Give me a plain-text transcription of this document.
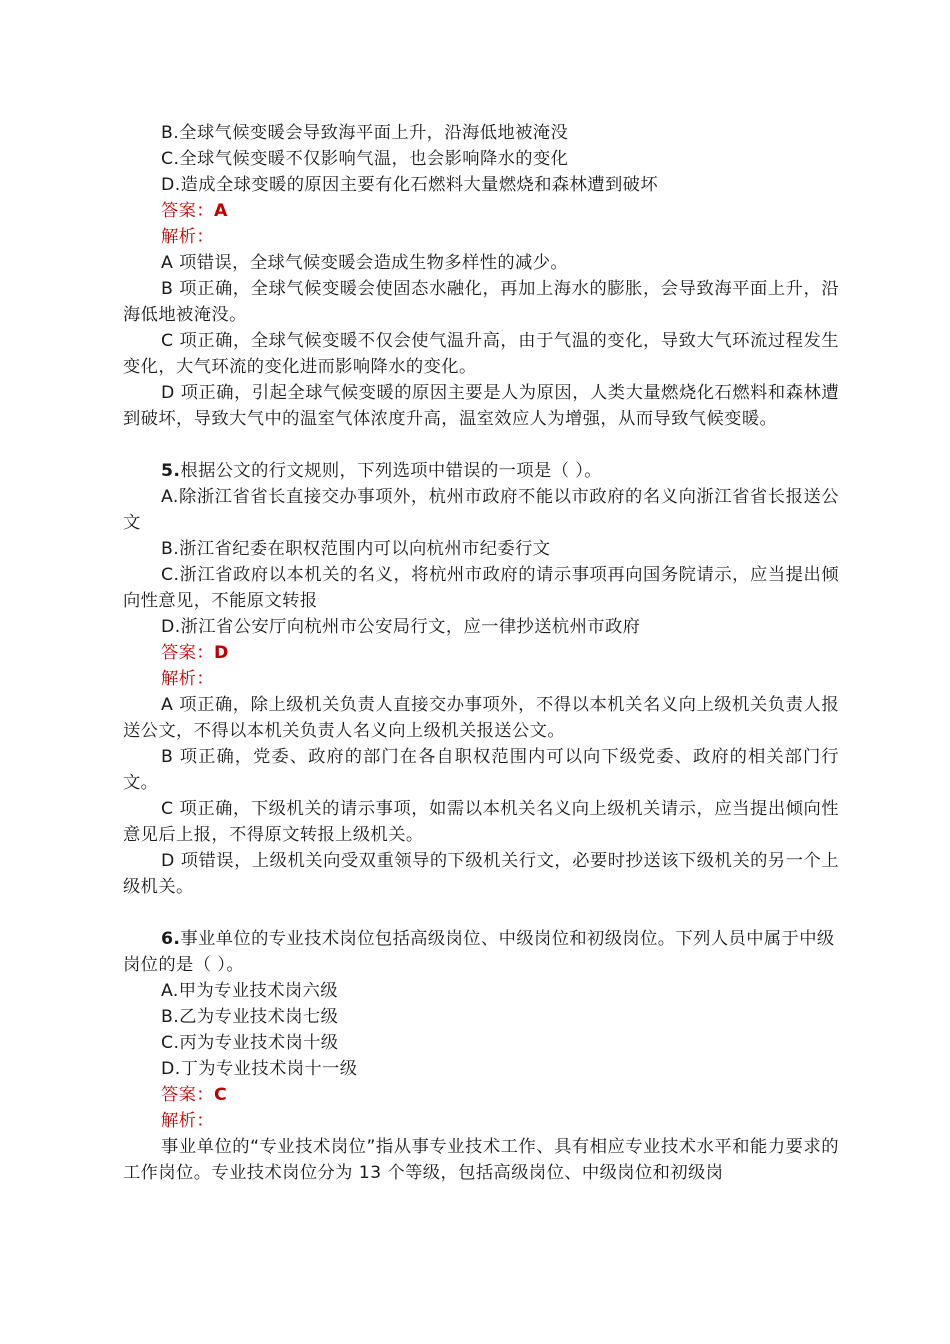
B.全球气候变暖会导致海平面上升，沿海低地被淹没
C.全球气候变暖不仅影响气温，也会影响降水的变化
D.造成全球变暖的原因主要有化石燃料大量燃烧和森林遭到破坏
答案：A
解析：
A 项错误，全球气候变暖会造成生物多样性的减少。
B 项正确，全球气候变暖会使固态水融化，再加上海水的膨胀，会导致海平面上升，沿海低地被淹没。
C 项正确，全球气候变暖不仅会使气温升高，由于气温的变化，导致大气环流过程发生变化，大气环流的变化进而影响降水的变化。
D 项正确，引起全球气候变暖的原因主要是人为原因，人类大量燃烧化石燃料和森林遭到破坏，导致大气中的温室气体浓度升高，温室效应人为增强，从而导致气候变暖。
5.根据公文的行文规则，下列选项中错误的一项是（ ）。
A.除浙江省省长直接交办事项外，杭州市政府不能以市政府的名义向浙江省省长报送公文
B.浙江省纪委在职权范围内可以向杭州市纪委行文
C.浙江省政府以本机关的名义，将杭州市政府的请示事项再向国务院请示，应当提出倾向性意见，不能原文转报
D.浙江省公安厅向杭州市公安局行文，应一律抄送杭州市政府
答案：D
解析：
A 项正确，除上级机关负责人直接交办事项外，不得以本机关名义向上级机关负责人报送公文，不得以本机关负责人名义向上级机关报送公文。
B 项正确，党委、政府的部门在各自职权范围内可以向下级党委、政府的相关部门行文。
C 项正确，下级机关的请示事项，如需以本机关名义向上级机关请示，应当提出倾向性意见后上报，不得原文转报上级机关。
D 项错误，上级机关向受双重领导的下级机关行文，必要时抄送该下级机关的另一个上级机关。
6.事业单位的专业技术岗位包括高级岗位、中级岗位和初级岗位。下列人员中属于中级岗位的是（ ）。
A.甲为专业技术岗六级
B.乙为专业技术岗七级
C.丙为专业技术岗十级
D.丁为专业技术岗十一级
答案：C
解析：
事业单位的“专业技术岗位”指从事专业技术工作、具有相应专业技术水平和能力要求的工作岗位。专业技术岗位分为 13 个等级，包括高级岗位、中级岗位和初级岗
